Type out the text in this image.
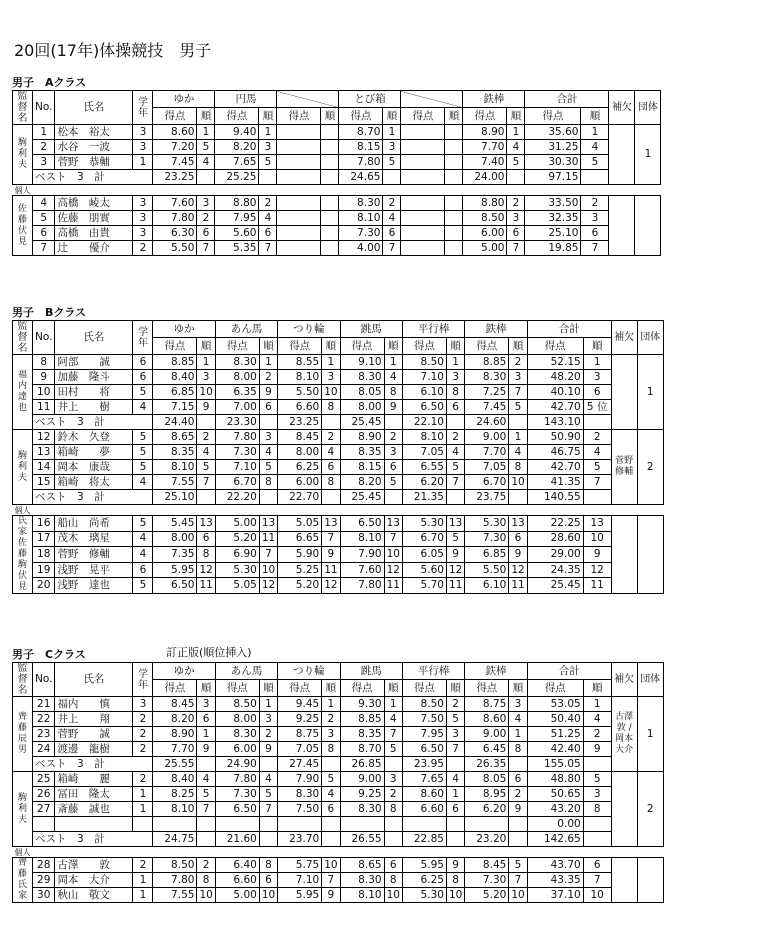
20回(17年)体操競技　男子
男子　Aクラス
監督名	No.	氏名	学年	ゆか		円馬				とび箱				鉄棒		合計		補欠	団体
				得点	順	得点	順	得点	順	得点	順	得点	順	得点	順	得点	順		
駒利夫	1	松本　裕太	3	8.60	1	9.40	1			8.70	1			8.90	1	35.60	1		1
	2	水谷　一波	3	7.20	5	8.20	3			8.15	3			7.70	4	31.25	4		
	3	菅野　恭輔	1	7.45	4	7.65	5			7.80	5			7.40	5	30.30	5		
	ベスト　3　計			23.25		25.25				24.65				24.00		97.15			
個人																			
佐藤 伏見	4	高橋　崚太	3	7.60	3	8.80	2			8.30	2			8.80	2	33.50	2		
	5	佐藤　朋實	3	7.80	2	7.95	4			8.10	4			8.50	3	32.35	3		
	6	高橋　由貴	3	6.30	6	5.60	6			7.30	6			6.00	6	25.10	6		
	7	辻　　優介	2	5.50	7	5.35	7			4.00	7			5.00	7	19.85	7		
男子　Bクラス
監督名	No.	氏名	学年	ゆか		あん馬		つり輪		跳馬		平行棒		鉄棒		合計		補欠	団体
				得点	順	得点	順	得点	順	得点	順	得点	順	得点	順	得点	順		
福内達也	8	阿部　　誠	6	8.85	1	8.30	1	8.55	1	9.10	1	8.50	1	8.85	2	52.15	1		1
	9	加藤　隆斗	6	8.40	3	8.00	2	8.10	3	8.30	4	7.10	3	8.30	3	48.20	3		
	10	田村　　将	5	6.85	10	6.35	9	5.50	10	8.05	8	6.10	8	7.25	7	40.10	6		
	11	井上　　樹	4	7.15	9	7.00	6	6.60	8	8.00	9	6.50	6	7.45	5	42.70	5 位		
	ベスト　3　計			24.40		23.30		23.25		25.45		22.10		24.60		143.10			
駒利夫	12	鈴木　久登	5	8.65	2	7.80	3	8.45	2	8.90	2	8.10	2	9.00	1	50.90	2	菅野 修輔	2
	13	箱崎　　夢	5	8.35	4	7.30	4	8.00	4	8.35	3	7.05	4	7.70	4	46.75	4		
	14	岡本　康哉	5	8.10	5	7.10	5	6.25	6	8.15	6	6.55	5	7.05	8	42.70	5		
	15	箱崎　将太	4	7.55	7	6.70	8	6.00	8	8.20	5	6.20	7	6.70	10	41.35	7		
	ベスト　3　計			25.10		22.20		22.70		25.45		21.35		23.75		140.55			
個人																			
氏家 佐藤 駒 伏見	16	船山　尚希	5	5.45	13	5.00	13	5.05	13	6.50	13	5.30	13	5.30	13	22.25	13		
	17	茂木　璃星	4	8.00	6	5.20	11	6.65	7	8.10	7	6.70	5	7.30	6	28.60	10		
	18	菅野　修輔	4	7.35	8	6.90	7	5.90	9	7.90	10	6.05	9	6.85	9	29.00	9		
	19	浅野　晃平	6	5.95	12	5.30	10	5.25	11	7.60	12	5.60	12	5.50	12	24.35	12		
	20	浅野　達也	5	6.50	11	5.05	12	5.20	12	7.80	11	5.70	11	6.10	11	25.45	11		
男子　Cクラス	訂正版(順位挿入)
監督名	No.	氏名	学年	ゆか		あん馬		つり輪		跳馬		平行棒		鉄棒		合計		補欠	団体
				得点	順	得点	順	得点	順	得点	順	得点	順	得点	順	得点	順		
齊藤辰男	21	福内　　慎	3	8.45	3	8.50	1	9.45	1	9.30	1	8.50	2	8.75	3	53.05	1	古澤 敦 / 岡本 大介	1
	22	井上　　翔	2	8.20	6	8.00	3	9.25	2	8.85	4	7.50	5	8.60	4	50.40	4		
	23	菅野　　誠	2	8.90	1	8.30	2	8.75	3	8.35	7	7.95	3	9.00	1	51.25	2		
	24	渡邊　龍樹	2	7.70	9	6.00	9	7.05	8	8.70	5	6.50	7	6.45	8	42.40	9		
	ベスト　3　計			25.55		24.90		27.45		26.85		23.95		26.35		155.05			
駒利夫	25	箱崎　　麗	2	8.40	4	7.80	4	7.90	5	9.00	3	7.65	4	8.05	6	48.80	5		2
	26	冨田　隆太	1	8.25	5	7.30	5	8.30	4	9.25	2	8.60	1	8.95	2	50.65	3		
	27	斎藤　誠也	1	8.10	7	6.50	7	7.50	6	8.30	8	6.60	6	6.20	9	43.20	8		
																0.00			
	ベスト　3　計			24.75		21.60		23.70		26.55		22.85		23.20		142.65			
個人																			
齊藤 氏家	28	古澤　　敦	2	8.50	2	6.40	8	5.75	10	8.65	6	5.95	9	8.45	5	43.70	6		
	29	岡本　大介	1	7.80	8	6.60	6	7.10	7	8.30	8	6.25	8	7.30	7	43.35	7		
	30	秋山　敬文	1	7.55	10	5.00	10	5.95	9	8.10	10	5.30	10	5.20	10	37.10	10		
